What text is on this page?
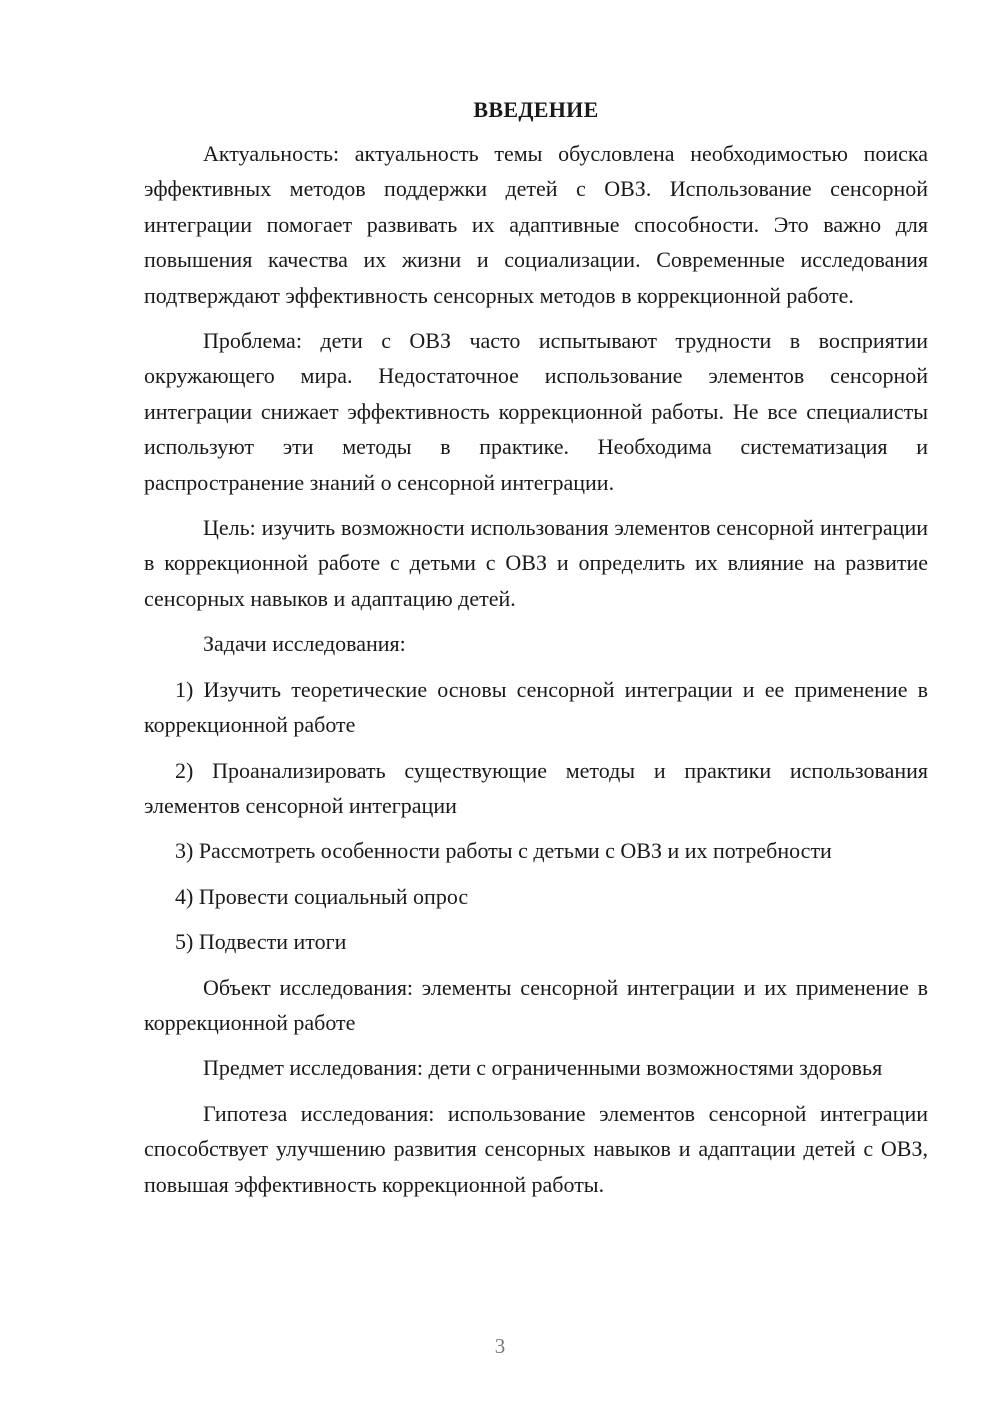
ВВЕДЕНИЕ

Актуальность: актуальность темы обусловлена необходимостью поиска эффективных методов поддержки детей с ОВЗ. Использование сенсорной интеграции помогает развивать их адаптивные способности. Это важно для повышения качества их жизни и социализации. Современные исследования подтверждают эффективность сенсорных методов в коррекционной работе.

Проблема: дети с ОВЗ часто испытывают трудности в восприятии окружающего мира. Недостаточное использование элементов сенсорной интеграции снижает эффективность коррекционной работы. Не все специалисты используют эти методы в практике. Необходима систематизация и распространение знаний о сенсорной интеграции.

Цель: изучить возможности использования элементов сенсорной интеграции в коррекционной работе с детьми с ОВЗ и определить их влияние на развитие сенсорных навыков и адаптацию детей.

Задачи исследования:

1) Изучить теоретические основы сенсорной интеграции и ее применение в коррекционной работе

2) Проанализировать существующие методы и практики использования элементов сенсорной интеграции

3) Рассмотреть особенности работы с детьми с ОВЗ и их потребности

4) Провести социальный опрос

5) Подвести итоги

Объект исследования: элементы сенсорной интеграции и их применение в коррекционной работе

Предмет исследования: дети с ограниченными возможностями здоровья

Гипотеза исследования: использование элементов сенсорной интеграции способствует улучшению развития сенсорных навыков и адаптации детей с ОВЗ, повышая эффективность коррекционной работы.

3
